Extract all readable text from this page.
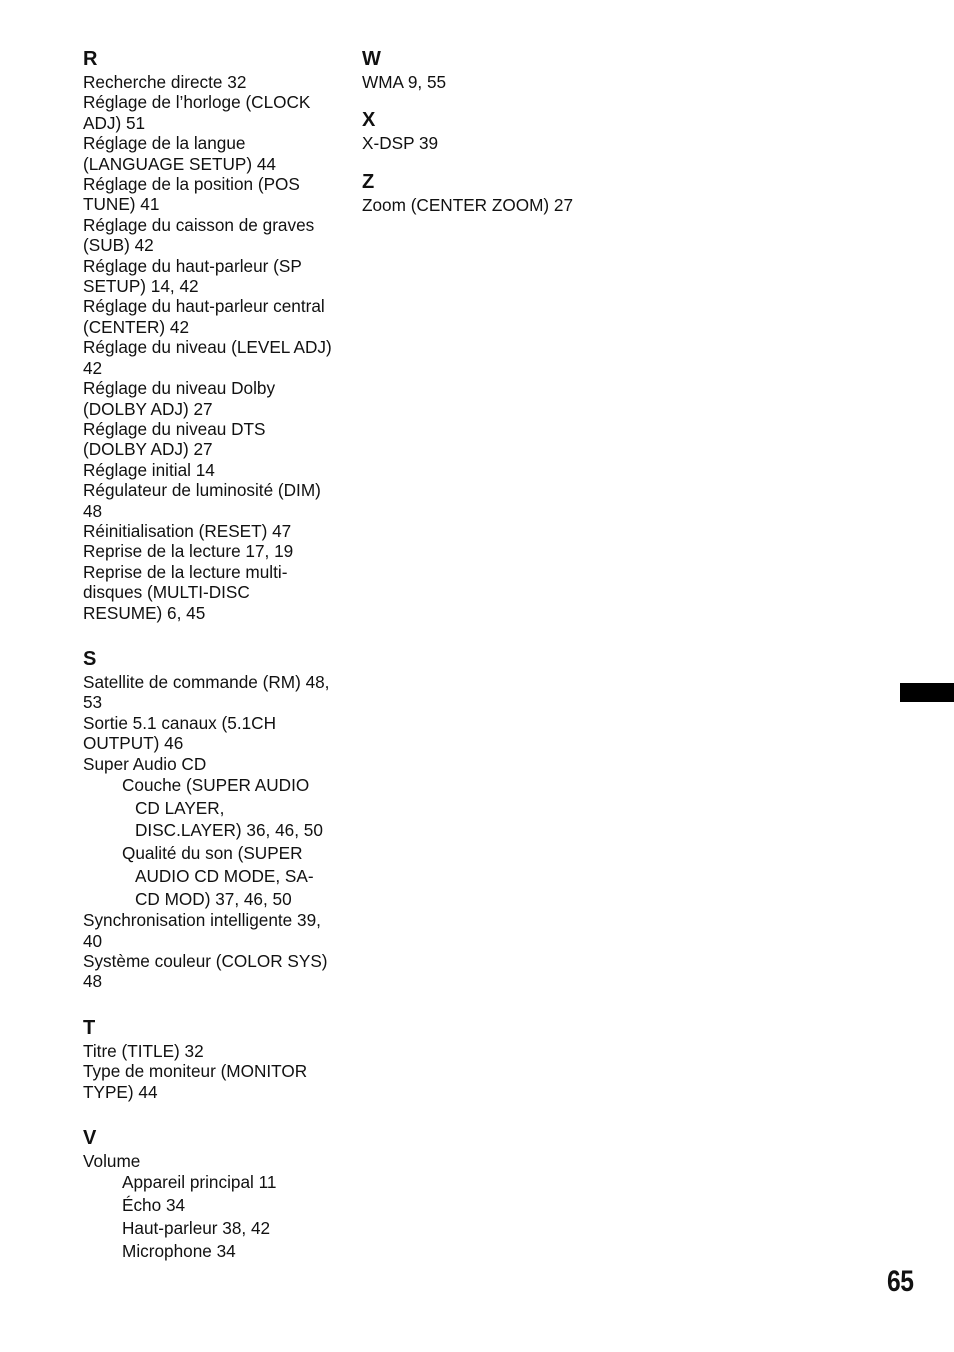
R
Recherche directe 32
Réglage de l’horloge (CLOCK ADJ) 51
Réglage de la langue (LANGUAGE SETUP) 44
Réglage de la position (POS TUNE) 41
Réglage du caisson de graves (SUB) 42
Réglage du haut-parleur (SP SETUP) 14, 42
Réglage du haut-parleur central (CENTER) 42
Réglage du niveau (LEVEL ADJ) 42
Réglage du niveau Dolby (DOLBY ADJ) 27
Réglage du niveau DTS (DOLBY ADJ) 27
Réglage initial 14
Régulateur de luminosité (DIM) 48
Réinitialisation (RESET) 47
Reprise de la lecture 17, 19
Reprise de la lecture multi-disques (MULTI-DISC RESUME) 6, 45
S
Satellite de commande (RM) 48, 53
Sortie 5.1 canaux (5.1CH OUTPUT) 46
Super Audio CD
Couche (SUPER AUDIO CD LAYER, DISC.LAYER) 36, 46, 50
Qualité du son (SUPER AUDIO CD MODE, SA-CD MOD) 37, 46, 50
Synchronisation intelligente 39, 40
Système couleur (COLOR SYS) 48
T
Titre (TITLE) 32
Type de moniteur (MONITOR TYPE) 44
V
Volume
Appareil principal 11
Écho 34
Haut-parleur 38, 42
Microphone 34
W
WMA 9, 55
X
X-DSP 39
Z
Zoom (CENTER ZOOM) 27
65
